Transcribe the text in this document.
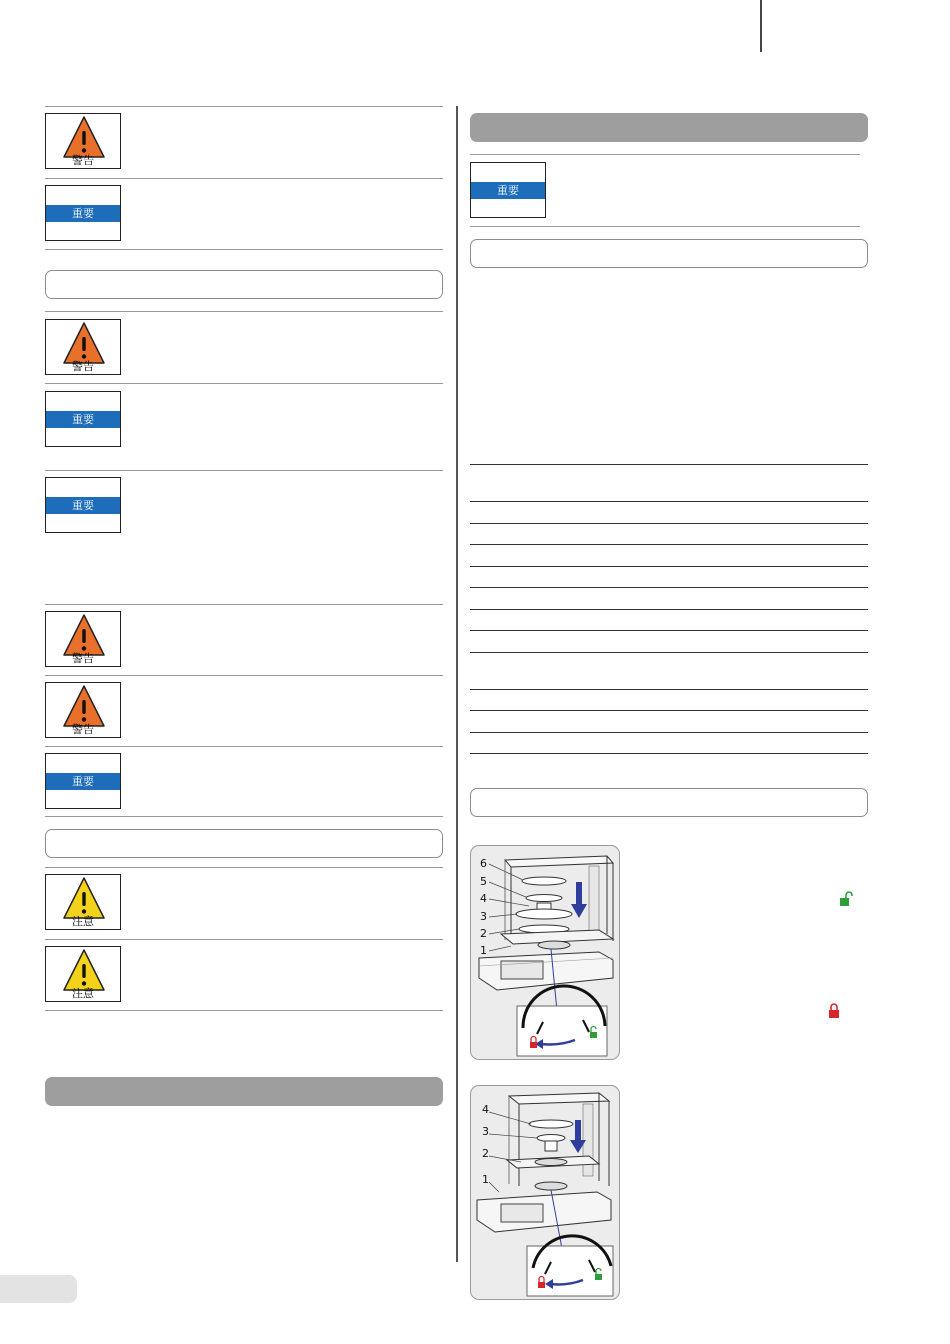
警告
重要
警告
重要
重要
警告
警告
重要
注意
注意
重要
6
5
4
3
2
1
4
3
2
1
